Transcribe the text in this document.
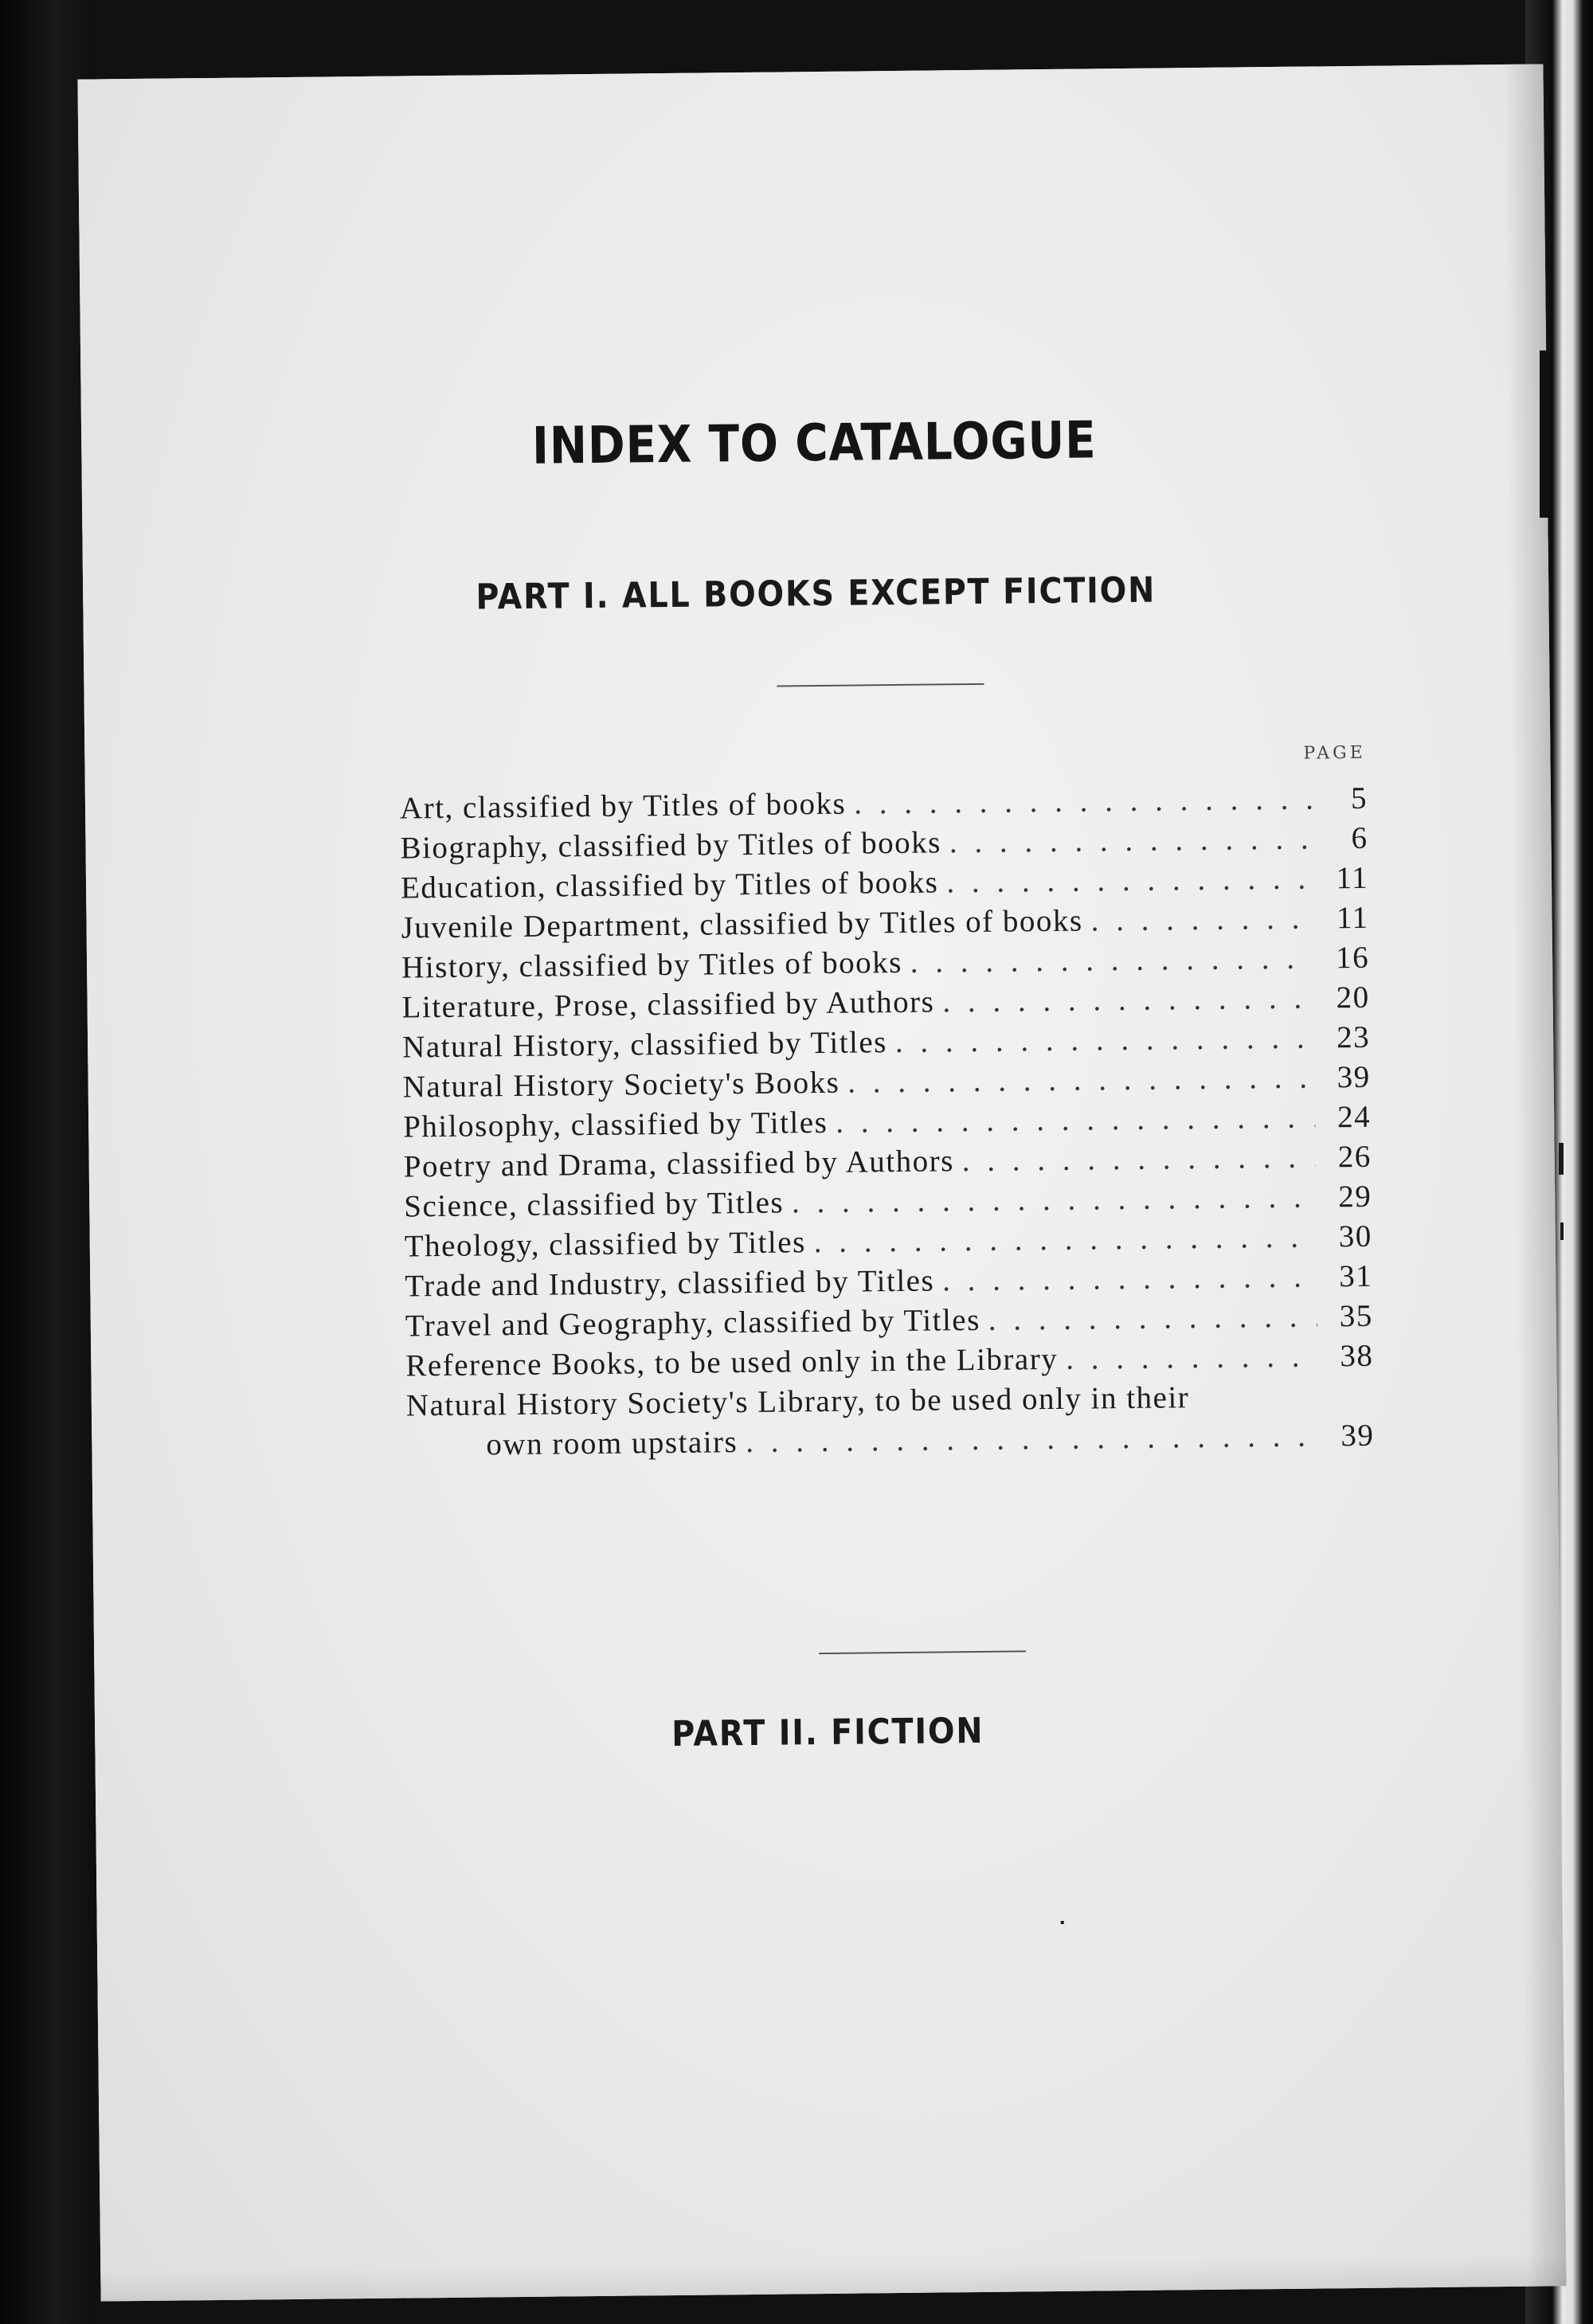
INDEX TO CATALOGUE
PART I. ALL BOOKS EXCEPT FICTION
PAGE
Art, classified by Titles of books . . .	5
Biography, classified by Titles of books . . .	6
Education, classified by Titles of books . . .	11
Juvenile Department, classified by Titles of books . . .	11
History, classified by Titles of books . . .	16
Literature, Prose, classified by Authors . . .	20
Natural History, classified by Titles . . .	23
Natural History Society's Books . . .	39
Philosophy, classified by Titles . . .	24
Poetry and Drama, classified by Authors . . .	26
Science, classified by Titles . . .	29
Theology, classified by Titles . . .	30
Trade and Industry, classified by Titles . . .	31
Travel and Geography, classified by Titles . . .	35
Reference Books, to be used only in the Library . . .	38
Natural History Society's Library, to be used only in their
own room upstairs . . .	39
PART II. FICTION
